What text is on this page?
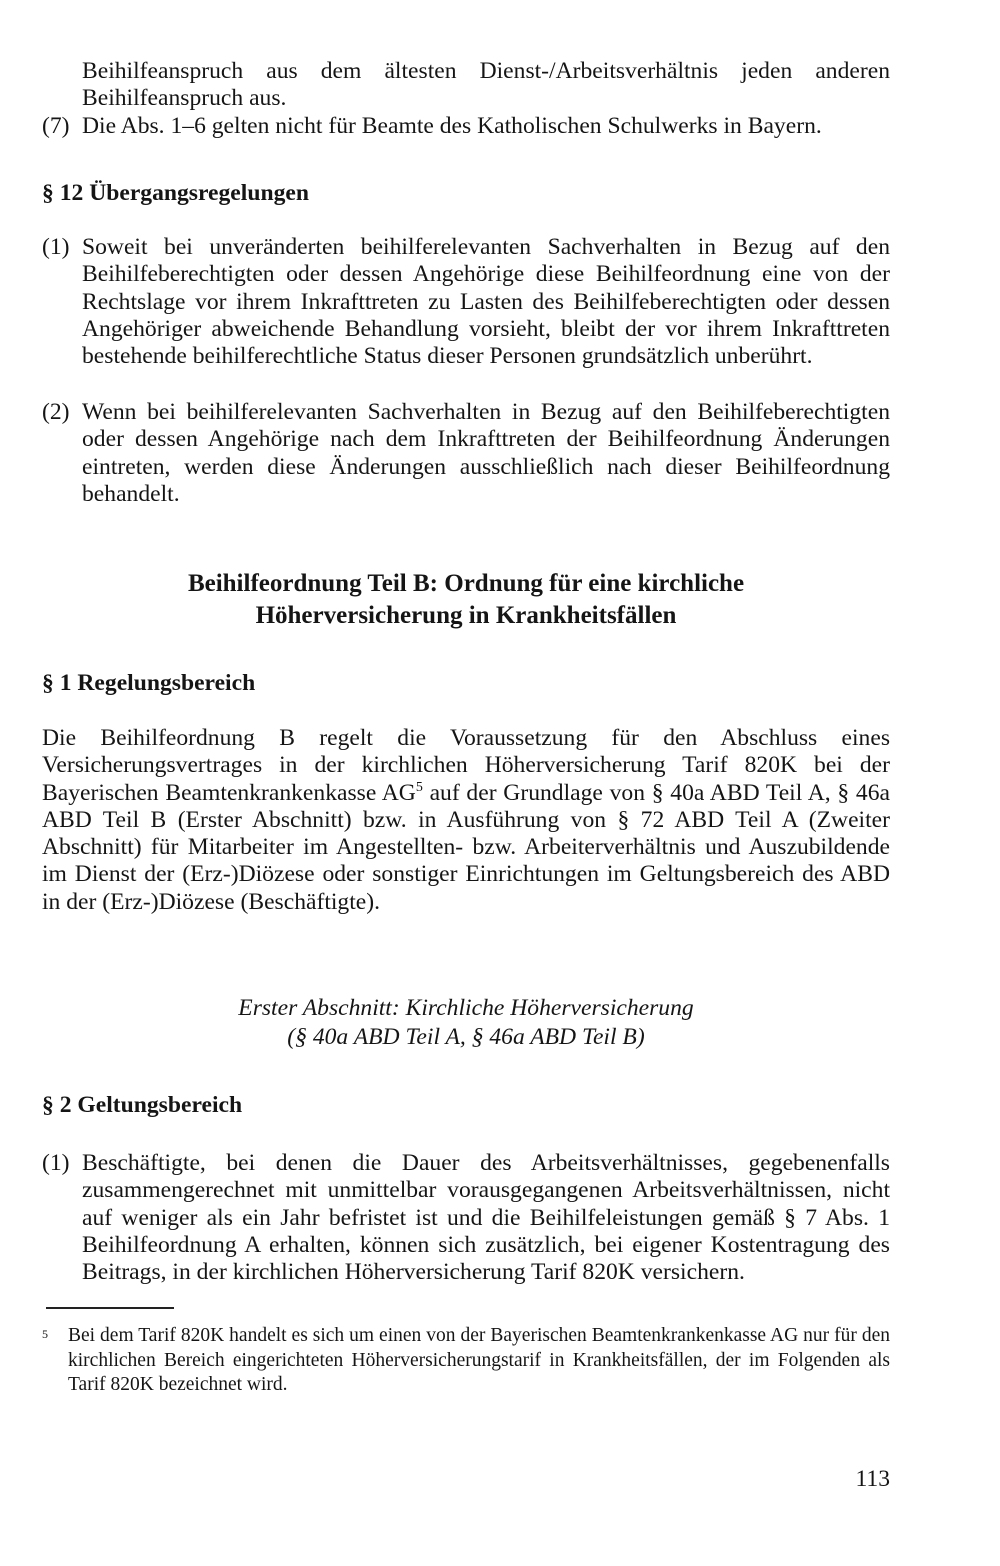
Beihilfeanspruch aus dem ältesten Dienst-/Arbeitsverhältnis jeden anderen Beihilfeanspruch aus.

(7) Die Abs. 1–6 gelten nicht für Beamte des Katholischen Schulwerks in Bayern.

§ 12 Übergangsregelungen

(1) Soweit bei unveränderten beihilferelevanten Sachverhalten in Bezug auf den Beihilfeberechtigten oder dessen Angehörige diese Beihilfeordnung eine von der Rechtslage vor ihrem Inkrafttreten zu Lasten des Beihilfeberechtigten oder dessen Angehöriger abweichende Behandlung vorsieht, bleibt der vor ihrem Inkrafttreten bestehende beihilferechtliche Status dieser Personen grundsätzlich unberührt.

(2) Wenn bei beihilferelevanten Sachverhalten in Bezug auf den Beihilfeberechtigten oder dessen Angehörige nach dem Inkrafttreten der Beihilfeordnung Änderungen eintreten, werden diese Änderungen ausschließlich nach dieser Beihilfeordnung behandelt.

Beihilfeordnung Teil B: Ordnung für eine kirchliche
Höherversicherung in Krankheitsfällen
§ 1 Regelungsbereich

Die Beihilfeordnung B regelt die Voraussetzung für den Abschluss eines Versicherungsvertrages in der kirchlichen Höherversicherung Tarif 820K bei der Bayerischen Beamtenkrankenkasse $AG^5$ auf der Grundlage von § 40a ABD Teil A, § 46a ABD Teil B (Erster Abschnitt) bzw. in Ausführung von § 72 ABD Teil A (Zweiter Abschnitt) für Mitarbeiter im Angestellten- bzw. Arbeiterverhältnis und Auszubildende im Dienst der (Erz-)Diözese oder sonstiger Einrichtungen im Geltungsbereich des ABD in der (Erz-)Diözese (Beschäftigte).

Erster Abschnitt: Kirchliche Höherversicherung
(§ 40a ABD Teil A, § 46a ABD Teil B)
§ 2 Geltungsbereich

(1) Beschäftigte, bei denen die Dauer des Arbeitsverhältnisses, gegebenenfalls zusammengerechnet mit unmittelbar vorausgegangenen Arbeitsverhältnissen, nicht auf weniger als ein Jahr befristet ist und die Beihilfeleistungen gemäß § 7 Abs. 1 Beihilfeordnung A erhalten, können sich zusätzlich, bei eigener Kostentragung des Beitrags, in der kirchlichen Höherversicherung Tarif 820K versichern.

5 Bei dem Tarif 820K handelt es sich um einen von der Bayerischen Beamtenkrankenkasse AG nur für den kirchlichen Bereich eingerichteten Höherversicherungstarif in Krankheitsfällen, der im Folgenden als Tarif 820K bezeichnet wird.

113
